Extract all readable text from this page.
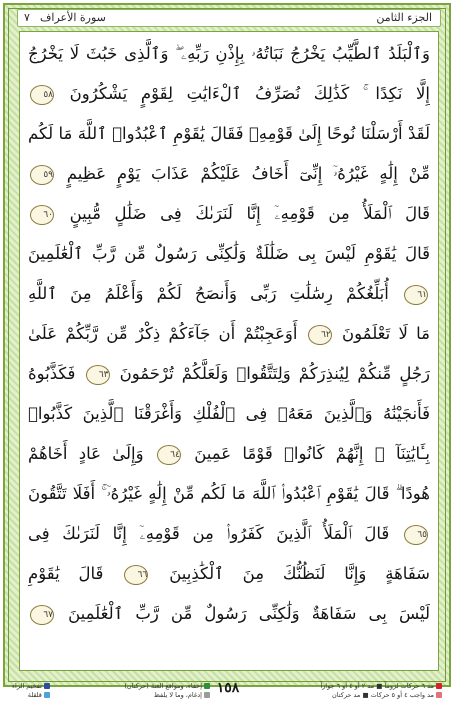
الجزء الثامن
سورة الأعراف
٧
وَٱلْبَلَدُ ٱلطَّيِّبُ يَخْرُجُ نَبَاتُهُۥ بِإِذْنِ رَبِّهِۦ ۖ وَٱلَّذِى خَبُثَ لَا يَخْرُجُ
إِلَّا نَكِدًا ۚ كَذَٰلِكَ نُصَرِّفُ ٱلْءَايَٰتِ لِقَوْمٍ يَشْكُرُونَ ٥٨
لَقَدْ أَرْسَلْنَا نُوحًا إِلَىٰ قَوْمِهِۦ فَقَالَ يَٰقَوْمِ ٱعْبُدُوا۟ ٱللَّهَ مَا لَكُم
مِّنْ إِلَٰهٍ غَيْرُهُۥٓ إِنِّىٓ أَخَافُ عَلَيْكُمْ عَذَابَ يَوْمٍ عَظِيمٍ ٥٩
قَالَ ٱلْمَلَأُ مِن قَوْمِهِۦٓ إِنَّا لَنَرَىٰكَ فِى ضَلَٰلٍ مُّبِينٍ ٦٠
قَالَ يَٰقَوْمِ لَيْسَ بِى ضَلَٰلَةٌ وَلَٰكِنِّى رَسُولٌ مِّن رَّبِّ ٱلْعَٰلَمِينَ
٦١ أُبَلِّغُكُمْ رِسَٰلَٰتِ رَبِّى وَأَنصَحُ لَكُمْ وَأَعْلَمُ مِنَ ٱللَّهِ
مَا لَا تَعْلَمُونَ ٦٢ أَوَعَجِبْتُمْ أَن جَآءَكُمْ ذِكْرٌ مِّن رَّبِّكُمْ عَلَىٰ
رَجُلٍ مِّنكُمْ لِيُنذِرَكُمْ وَلِتَتَّقُوا۟ وَلَعَلَّكُمْ تُرْحَمُونَ ٦٣ فَكَذَّبُوهُ
فَأَنجَيْنَٰهُ وَٱلَّذِينَ مَعَهُۥ فِى ٱلْفُلْكِ وَأَغْرَقْنَا ٱلَّذِينَ كَذَّبُوا۟
بِـَٔايَٰتِنَآ ۚ إِنَّهُمْ كَانُوا۟ قَوْمًا عَمِينَ ٦٤ وَإِلَىٰ عَادٍ أَخَاهُمْ
هُودًا ۗ قَالَ يَٰقَوْمِ ٱعْبُدُوا۟ ٱللَّهَ مَا لَكُم مِّنْ إِلَٰهٍ غَيْرُهُۥٓ ۚ أَفَلَا تَتَّقُونَ
٦٥ قَالَ ٱلْمَلَأُ ٱلَّذِينَ كَفَرُوا۟ مِن قَوْمِهِۦٓ إِنَّا لَنَرَىٰكَ فِى
سَفَاهَةٍ وَإِنَّا لَنَظُنُّكَ مِنَ ٱلْكَٰذِبِينَ ٦٦ قَالَ يَٰقَوْمِ
لَيْسَ بِى سَفَاهَةٌ وَلَٰكِنِّى رَسُولٌ مِّن رَّبِّ ٱلْعَٰلَمِينَ ٦٧
مد ٦ حركات لزوماً ■ مد ٢ أو ٤ أو ٦ جوازاً
مد واجب ٤ أو ٥ حركات ■ مد حركتان
١٥٨
إخفاء، ومواقع الغنة (حركتان)
إدغام، وما لا يلفظ
تفخيم الراء
قلقلة
